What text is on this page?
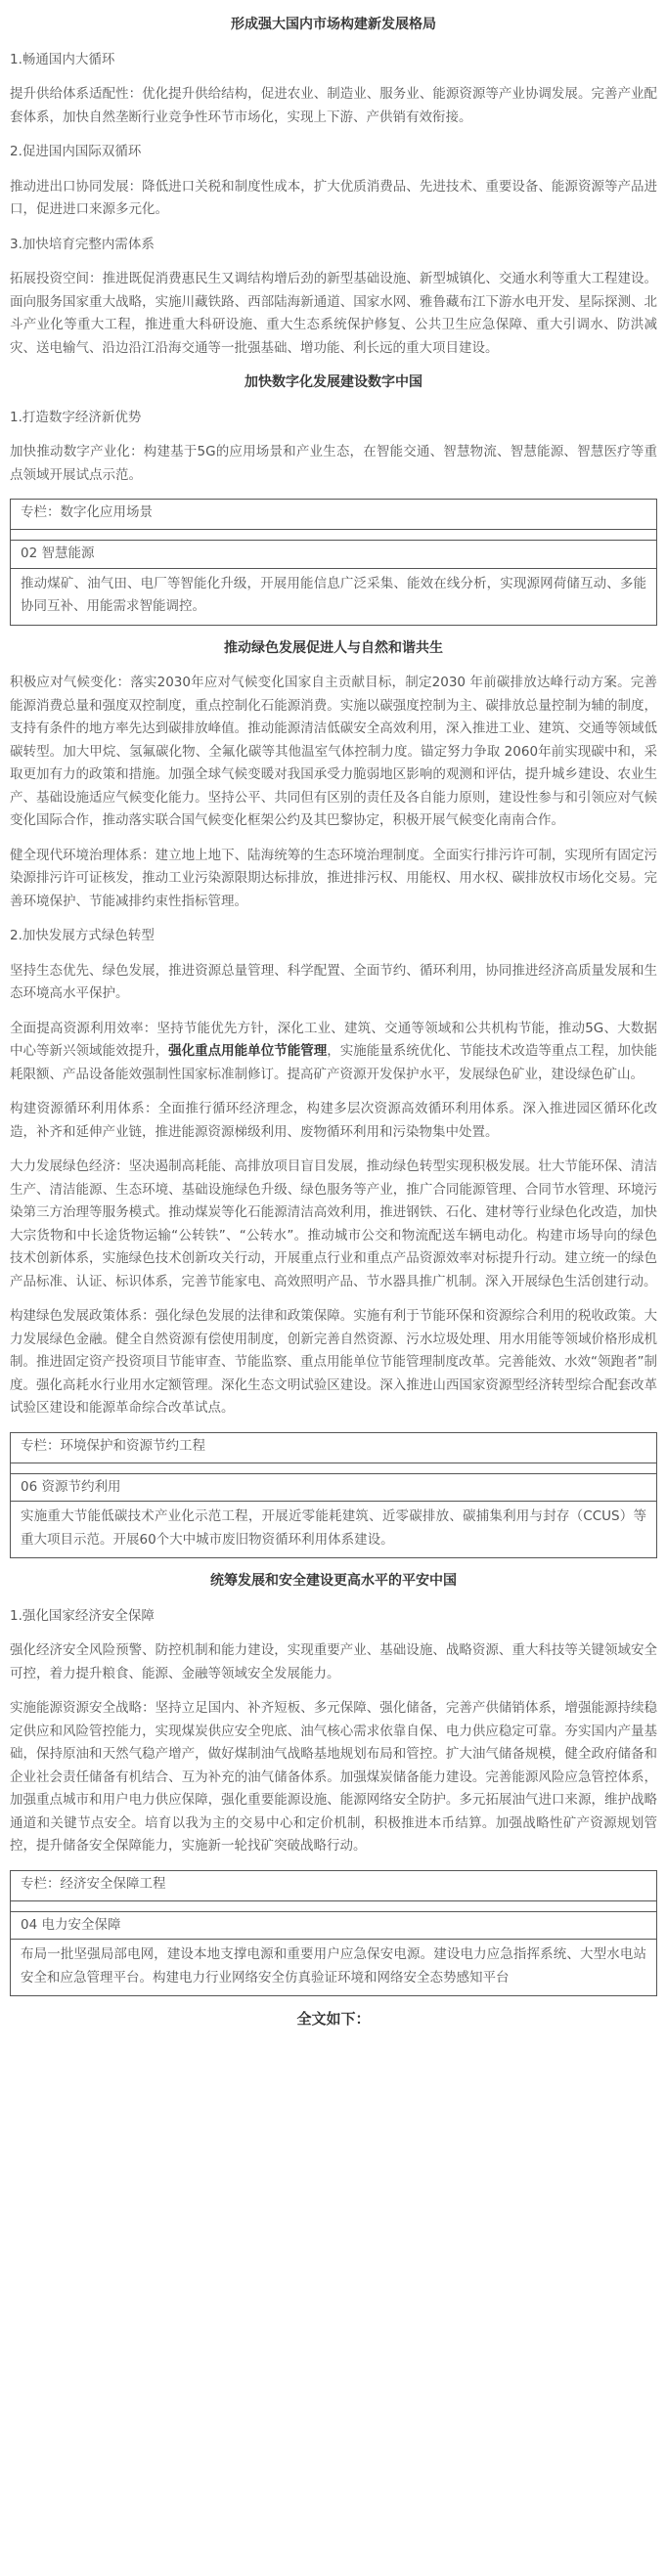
形成强大国内市场构建新发展格局
1.畅通国内大循环

提升供给体系适配性：优化提升供给结构，促进农业、制造业、服务业、能源资源等产业协调发展。完善产业配套体系，加快自然垄断行业竞争性环节市场化，实现上下游、产供销有效衔接。

2.促进国内国际双循环

推动进出口协同发展：降低进口关税和制度性成本，扩大优质消费品、先进技术、重要设备、能源资源等产品进口，促进进口来源多元化。

3.加快培育完整内需体系

拓展投资空间：推进既促消费惠民生又调结构增后劲的新型基础设施、新型城镇化、交通水利等重大工程建设。面向服务国家重大战略，实施川藏铁路、西部陆海新通道、国家水网、雅鲁藏布江下游水电开发、星际探测、北斗产业化等重大工程，推进重大科研设施、重大生态系统保护修复、公共卫生应急保障、重大引调水、防洪减灾、送电输气、沿边沿江沿海交通等一批强基础、增功能、利长远的重大项目建设。

加快数字化发展建设数字中国
1.打造数字经济新优势

加快推动数字产业化：构建基于5G的应用场景和产业生态，在智能交通、智慧物流、智慧能源、智慧医疗等重点领域开展试点示范。

专栏：数字化应用场景
02 智慧能源
推动煤矿、油气田、电厂等智能化升级，开展用能信息广泛采集、能效在线分析，实现源网荷储互动、多能协同互补、用能需求智能调控。
推动绿色发展促进人与自然和谐共生

积极应对气候变化：落实2030年应对气候变化国家自主贡献目标，制定2030 年前碳排放达峰行动方案。完善能源消费总量和强度双控制度，重点控制化石能源消费。实施以碳强度控制为主、碳排放总量控制为辅的制度，支持有条件的地方率先达到碳排放峰值。推动能源清洁低碳安全高效利用，深入推进工业、建筑、交通等领域低碳转型。加大甲烷、氢氟碳化物、全氟化碳等其他温室气体控制力度。锚定努力争取 2060年前实现碳中和，采取更加有力的政策和措施。加强全球气候变暖对我国承受力脆弱地区影响的观测和评估，提升城乡建设、农业生产、基础设施适应气候变化能力。坚持公平、共同但有区别的责任及各自能力原则，建设性参与和引领应对气候变化国际合作，推动落实联合国气候变化框架公约及其巴黎协定，积极开展气候变化南南合作。

健全现代环境治理体系：建立地上地下、陆海统筹的生态环境治理制度。全面实行排污许可制，实现所有固定污染源排污许可证核发，推动工业污染源限期达标排放，推进排污权、用能权、用水权、碳排放权市场化交易。完善环境保护、节能减排约束性指标管理。

2.加快发展方式绿色转型

坚持生态优先、绿色发展，推进资源总量管理、科学配置、全面节约、循环利用，协同推进经济高质量发展和生态环境高水平保护。

全面提高资源利用效率：坚持节能优先方针，深化工业、建筑、交通等领域和公共机构节能，推动5G、大数据中心等新兴领域能效提升，强化重点用能单位节能管理，实施能量系统优化、节能技术改造等重点工程，加快能耗限额、产品设备能效强制性国家标准制修订。提高矿产资源开发保护水平，发展绿色矿业，建设绿色矿山。

构建资源循环利用体系：全面推行循环经济理念，构建多层次资源高效循环利用体系。深入推进园区循环化改造，补齐和延伸产业链，推进能源资源梯级利用、废物循环利用和污染物集中处置。

大力发展绿色经济：坚决遏制高耗能、高排放项目盲目发展，推动绿色转型实现积极发展。壮大节能环保、清洁生产、清洁能源、生态环境、基础设施绿色升级、绿色服务等产业，推广合同能源管理、合同节水管理、环境污染第三方治理等服务模式。推动煤炭等化石能源清洁高效利用，推进钢铁、石化、建材等行业绿色化改造，加快大宗货物和中长途货物运输“公转铁”、“公转水”。推动城市公交和物流配送车辆电动化。构建市场导向的绿色技术创新体系，实施绿色技术创新攻关行动，开展重点行业和重点产品资源效率对标提升行动。建立统一的绿色产品标准、认证、标识体系，完善节能家电、高效照明产品、节水器具推广机制。深入开展绿色生活创建行动。

构建绿色发展政策体系：强化绿色发展的法律和政策保障。实施有利于节能环保和资源综合利用的税收政策。大力发展绿色金融。健全自然资源有偿使用制度，创新完善自然资源、污水垃圾处理、用水用能等领域价格形成机制。推进固定资产投资项目节能审查、节能监察、重点用能单位节能管理制度改革。完善能效、水效“领跑者”制度。强化高耗水行业用水定额管理。深化生态文明试验区建设。深入推进山西国家资源型经济转型综合配套改革试验区建设和能源革命综合改革试点。

专栏：环境保护和资源节约工程
06 资源节约利用
实施重大节能低碳技术产业化示范工程，开展近零能耗建筑、近零碳排放、碳捕集利用与封存（CCUS）等重大项目示范。开展60个大中城市废旧物资循环利用体系建设。
统筹发展和安全建设更高水平的平安中国
1.强化国家经济安全保障

强化经济安全风险预警、防控机制和能力建设，实现重要产业、基础设施、战略资源、重大科技等关键领域安全可控，着力提升粮食、能源、金融等领域安全发展能力。

实施能源资源安全战略：坚持立足国内、补齐短板、多元保障、强化储备，完善产供储销体系，增强能源持续稳定供应和风险管控能力，实现煤炭供应安全兜底、油气核心需求依靠自保、电力供应稳定可靠。夯实国内产量基础，保持原油和天然气稳产增产，做好煤制油气战略基地规划布局和管控。扩大油气储备规模，健全政府储备和企业社会责任储备有机结合、互为补充的油气储备体系。加强煤炭储备能力建设。完善能源风险应急管控体系，加强重点城市和用户电力供应保障，强化重要能源设施、能源网络安全防护。多元拓展油气进口来源，维护战略通道和关键节点安全。培育以我为主的交易中心和定价机制，积极推进本币结算。加强战略性矿产资源规划管控，提升储备安全保障能力，实施新一轮找矿突破战略行动。

专栏：经济安全保障工程
04 电力安全保障
布局一批坚强局部电网，建设本地支撑电源和重要用户应急保安电源。建设电力应急指挥系统、大型水电站安全和应急管理平台。构建电力行业网络安全仿真验证环境和网络安全态势感知平台
全文如下：
